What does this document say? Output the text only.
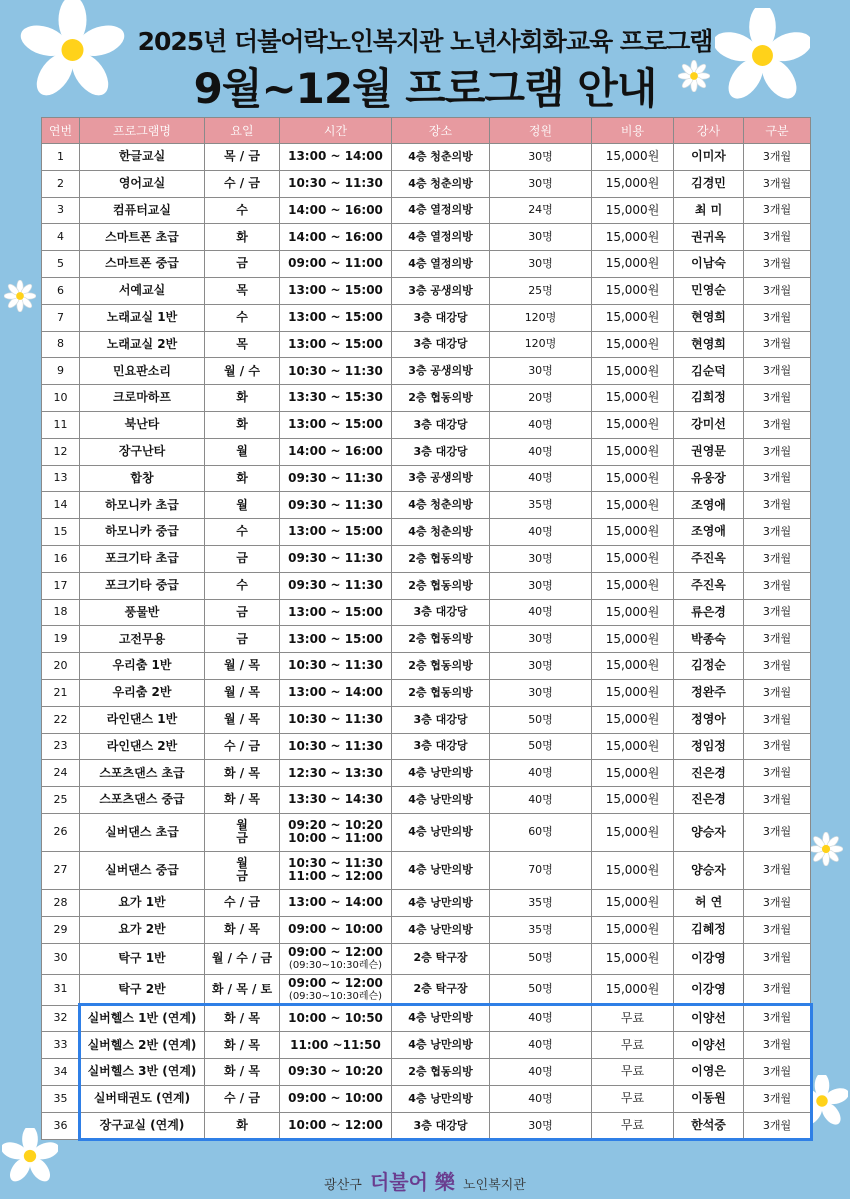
2025년 더불어락노인복지관 노년사회화교육 프로그램
9월~12월 프로그램 안내
연번	프로그램명	요일	시간	장소	정원	비용	강사	구분

1	한글교실	목 / 금	13:00 ~ 14:00	4층 청춘의방	30명	15,000원	이미자	3개월

2	영어교실	수 / 금	10:30 ~ 11:30	4층 청춘의방	30명	15,000원	김경민	3개월

3	컴퓨터교실	수	14:00 ~ 16:00	4층 열정의방	24명	15,000원	최 미	3개월

4	스마트폰 초급	화	14:00 ~ 16:00	4층 열정의방	30명	15,000원	권귀옥	3개월

5	스마트폰 중급	금	09:00 ~ 11:00	4층 열정의방	30명	15,000원	이남숙	3개월

6	서예교실	목	13:00 ~ 15:00	3층 공생의방	25명	15,000원	민영순	3개월

7	노래교실 1반	수	13:00 ~ 15:00	3층 대강당	120명	15,000원	현영희	3개월

8	노래교실 2반	목	13:00 ~ 15:00	3층 대강당	120명	15,000원	현영희	3개월

9	민요판소리	월 / 수	10:30 ~ 11:30	3층 공생의방	30명	15,000원	김순덕	3개월

10	크로마하프	화	13:30 ~ 15:30	2층 협동의방	20명	15,000원	김희정	3개월

11	북난타	화	13:00 ~ 15:00	3층 대강당	40명	15,000원	강미선	3개월

12	장구난타	월	14:00 ~ 16:00	3층 대강당	40명	15,000원	권영문	3개월

13	합창	화	09:30 ~ 11:30	3층 공생의방	40명	15,000원	유웅장	3개월

14	하모니카 초급	월	09:30 ~ 11:30	4층 청춘의방	35명	15,000원	조영애	3개월

15	하모니카 중급	수	13:00 ~ 15:00	4층 청춘의방	40명	15,000원	조영애	3개월

16	포크기타 초급	금	09:30 ~ 11:30	2층 협동의방	30명	15,000원	주진옥	3개월

17	포크기타 중급	수	09:30 ~ 11:30	2층 협동의방	30명	15,000원	주진옥	3개월

18	풍물반	금	13:00 ~ 15:00	3층 대강당	40명	15,000원	류은경	3개월

19	고전무용	금	13:00 ~ 15:00	2층 협동의방	30명	15,000원	박종숙	3개월

20	우리춤 1반	월 / 목	10:30 ~ 11:30	2층 협동의방	30명	15,000원	김정순	3개월

21	우리춤 2반	월 / 목	13:00 ~ 14:00	2층 협동의방	30명	15,000원	정완주	3개월

22	라인댄스 1반	월 / 목	10:30 ~ 11:30	3층 대강당	50명	15,000원	정영아	3개월

23	라인댄스 2반	수 / 금	10:30 ~ 11:30	3층 대강당	50명	15,000원	정임정	3개월

24	스포츠댄스 초급	화 / 목	12:30 ~ 13:30	4층 낭만의방	40명	15,000원	진은경	3개월

25	스포츠댄스 중급	화 / 목	13:30 ~ 14:30	4층 낭만의방	40명	15,000원	진은경	3개월

26	실버댄스 초급	월
금	09:20 ~ 10:20
10:00 ~ 11:00	4층 낭만의방	60명	15,000원	양승자	3개월

27	실버댄스 중급	월
금	10:30 ~ 11:30
11:00 ~ 12:00	4층 낭만의방	70명	15,000원	양승자	3개월

28	요가 1반	수 / 금	13:00 ~ 14:00	4층 낭만의방	35명	15,000원	허 연	3개월

29	요가 2반	화 / 목	09:00 ~ 10:00	4층 낭만의방	35명	15,000원	김혜정	3개월

30	탁구 1반	월 / 수 / 금	09:00 ~ 12:00
(09:30~10:30레슨)	2층 탁구장	50명	15,000원	이강영	3개월

31	탁구 2반	화 / 목 / 토	09:00 ~ 12:00
(09:30~10:30레슨)	2층 탁구장	50명	15,000원	이강영	3개월

32	실버헬스 1반 (연계)	화 / 목	10:00 ~ 10:50	4층 낭만의방	40명	무료	이양선	3개월

33	실버헬스 2반 (연계)	화 / 목	11:00 ~11:50	4층 낭만의방	40명	무료	이양선	3개월

34	실버헬스 3반 (연계)	화 / 목	09:30 ~ 10:20	2층 협동의방	40명	무료	이영은	3개월

35	실버태권도 (연계)	수 / 금	09:00 ~ 10:00	4층 낭만의방	40명	무료	이동원	3개월

36	장구교실 (연계)	화	10:00 ~ 12:00	3층 대강당	30명	무료	한석중	3개월
광산구 더불어 樂 노인복지관
